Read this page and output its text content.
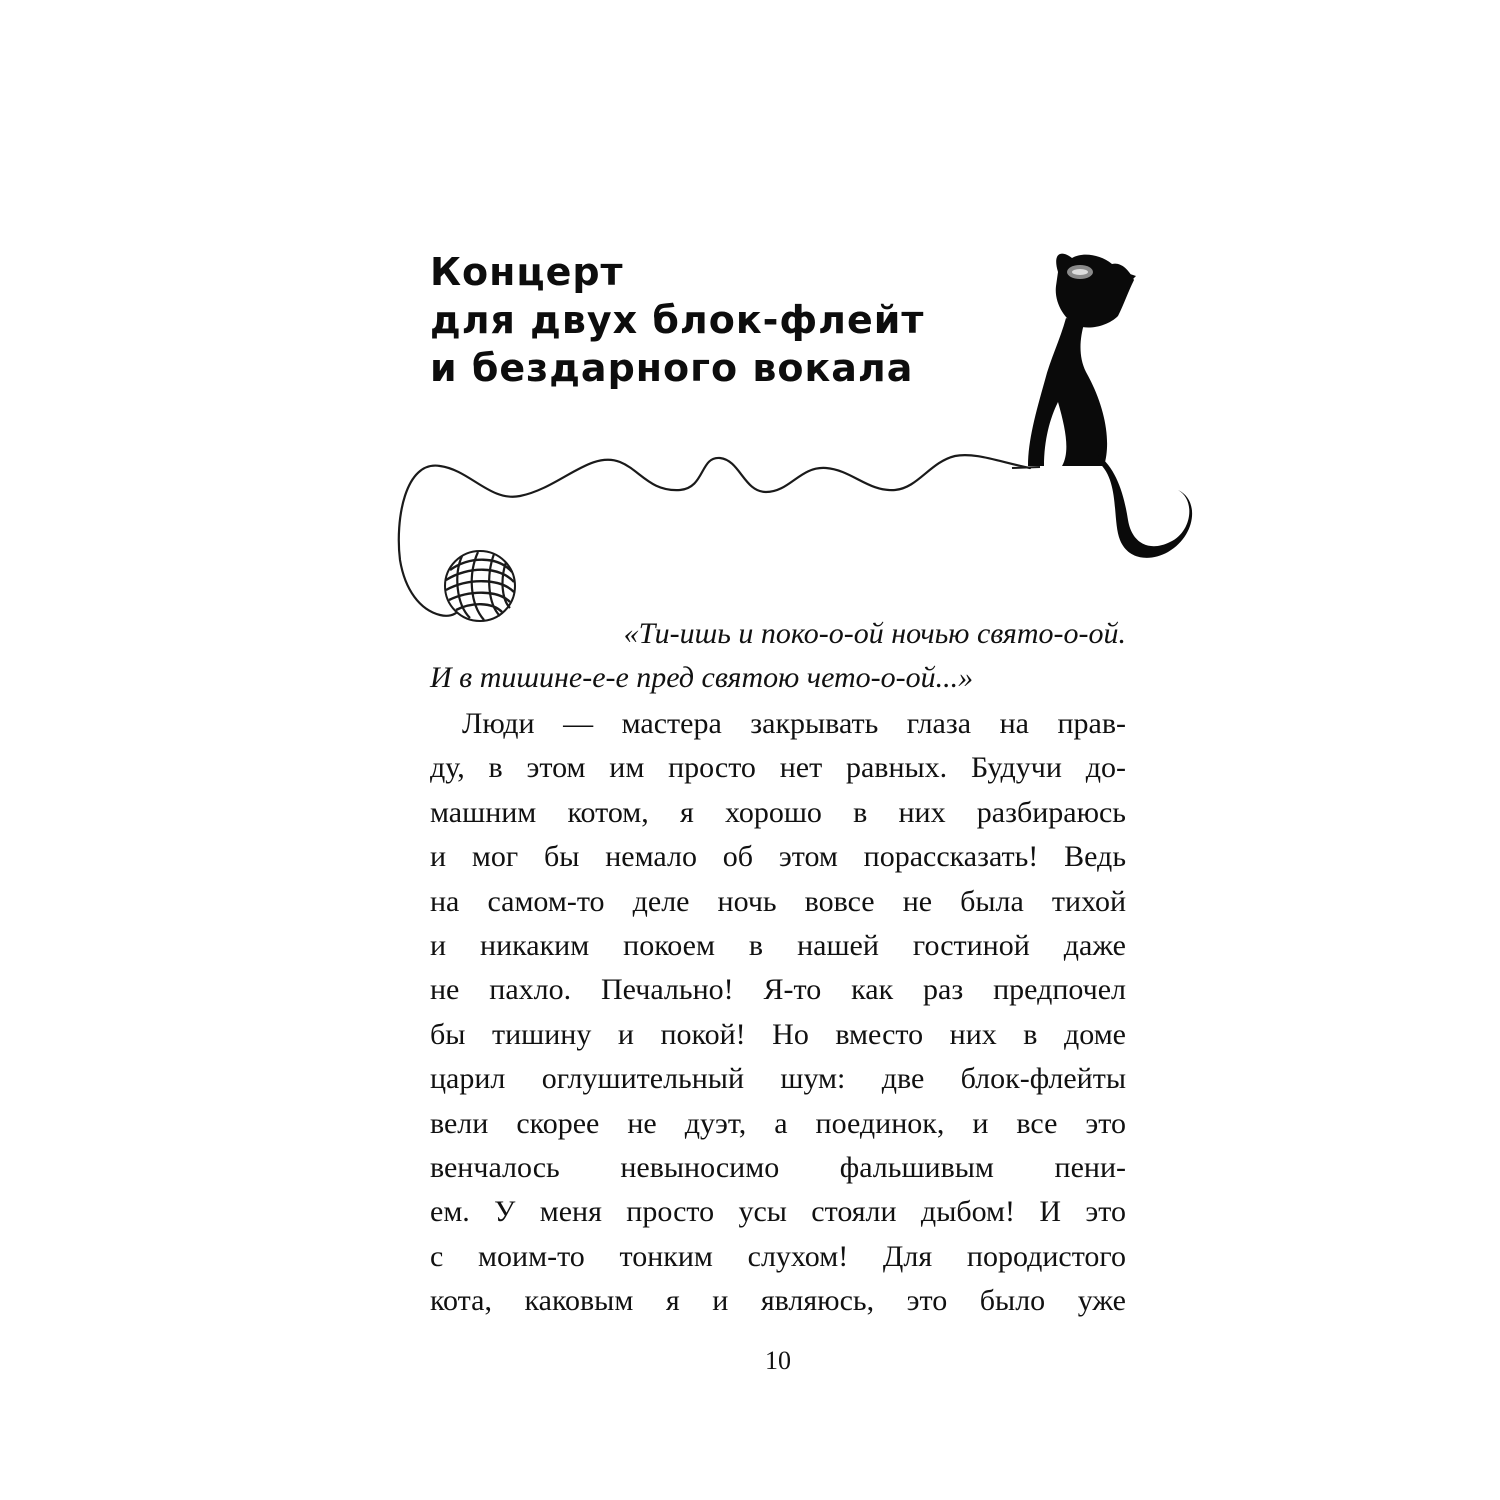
Концерт
для двух блок-флейт
и бездарного вокала
«Ти-ишь и поко-о-ой ночью свято-о-ой.
И в тишине-е-е пред святою чето-о-ой...»
Люди — мастера закрывать глаза на прав-
ду, в этом им просто нет равных. Будучи до-
машним котом, я хорошо в них разбираюсь
и мог бы немало об этом порассказать! Ведь
на самом-то деле ночь вовсе не была тихой
и никаким покоем в нашей гостиной даже
не пахло. Печально! Я-то как раз предпочел
бы тишину и покой! Но вместо них в доме
царил оглушительный шум: две блок-флейты
вели скорее не дуэт, а поединок, и все это
венчалось невыносимо фальшивым пени-
ем. У меня просто усы стояли дыбом! И это
с моим-то тонким слухом! Для породистого
кота, каковым я и являюсь, это было уже
10
